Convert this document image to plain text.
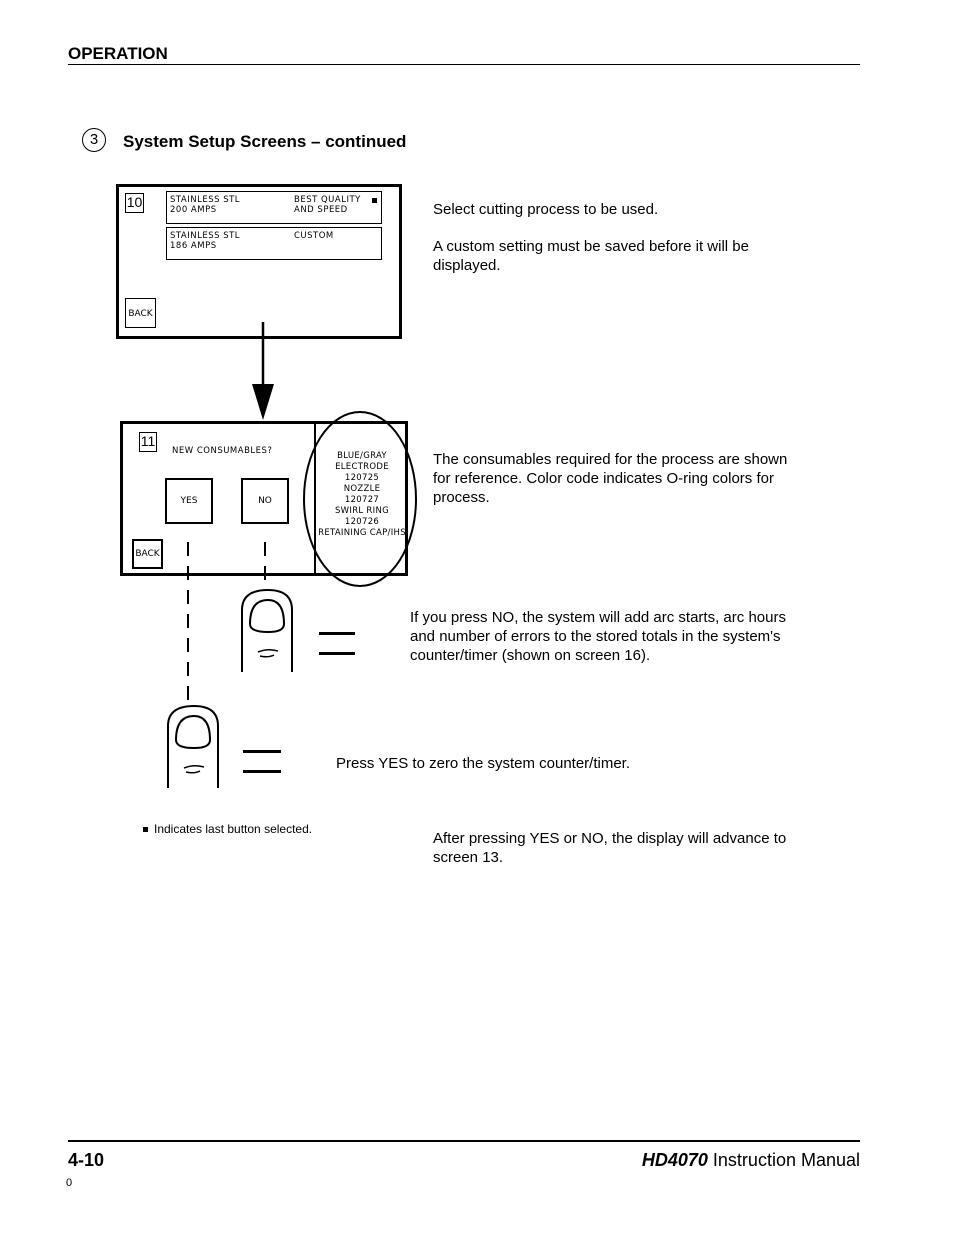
OPERATION
3	System Setup Screens – continued
10	STAINLESS STL
200 AMPS
BEST QUALITY
AND SPEED
STAINLESS STL
186 AMPS
CUSTOM
BACK
11
NEW CONSUMABLES?
YES	NO
BACK
BLUE/GRAY
ELECTRODE
120725
NOZZLE
120727
SWIRL RING
120726
RETAINING CAP/IHS
Select cutting process to be used.
A custom setting must be saved before it will be displayed.
The consumables required for the process are shown for reference. Color code indicates O-ring colors for process.
If you press NO, the system will add arc starts, arc hours and number of errors to the stored totals in the system's counter/timer (shown on screen 16).
Press YES to zero the system counter/timer.
Indicates last button selected.
After pressing YES or NO, the display will advance to screen 13.
4-10	HD4070 Instruction Manual
0
